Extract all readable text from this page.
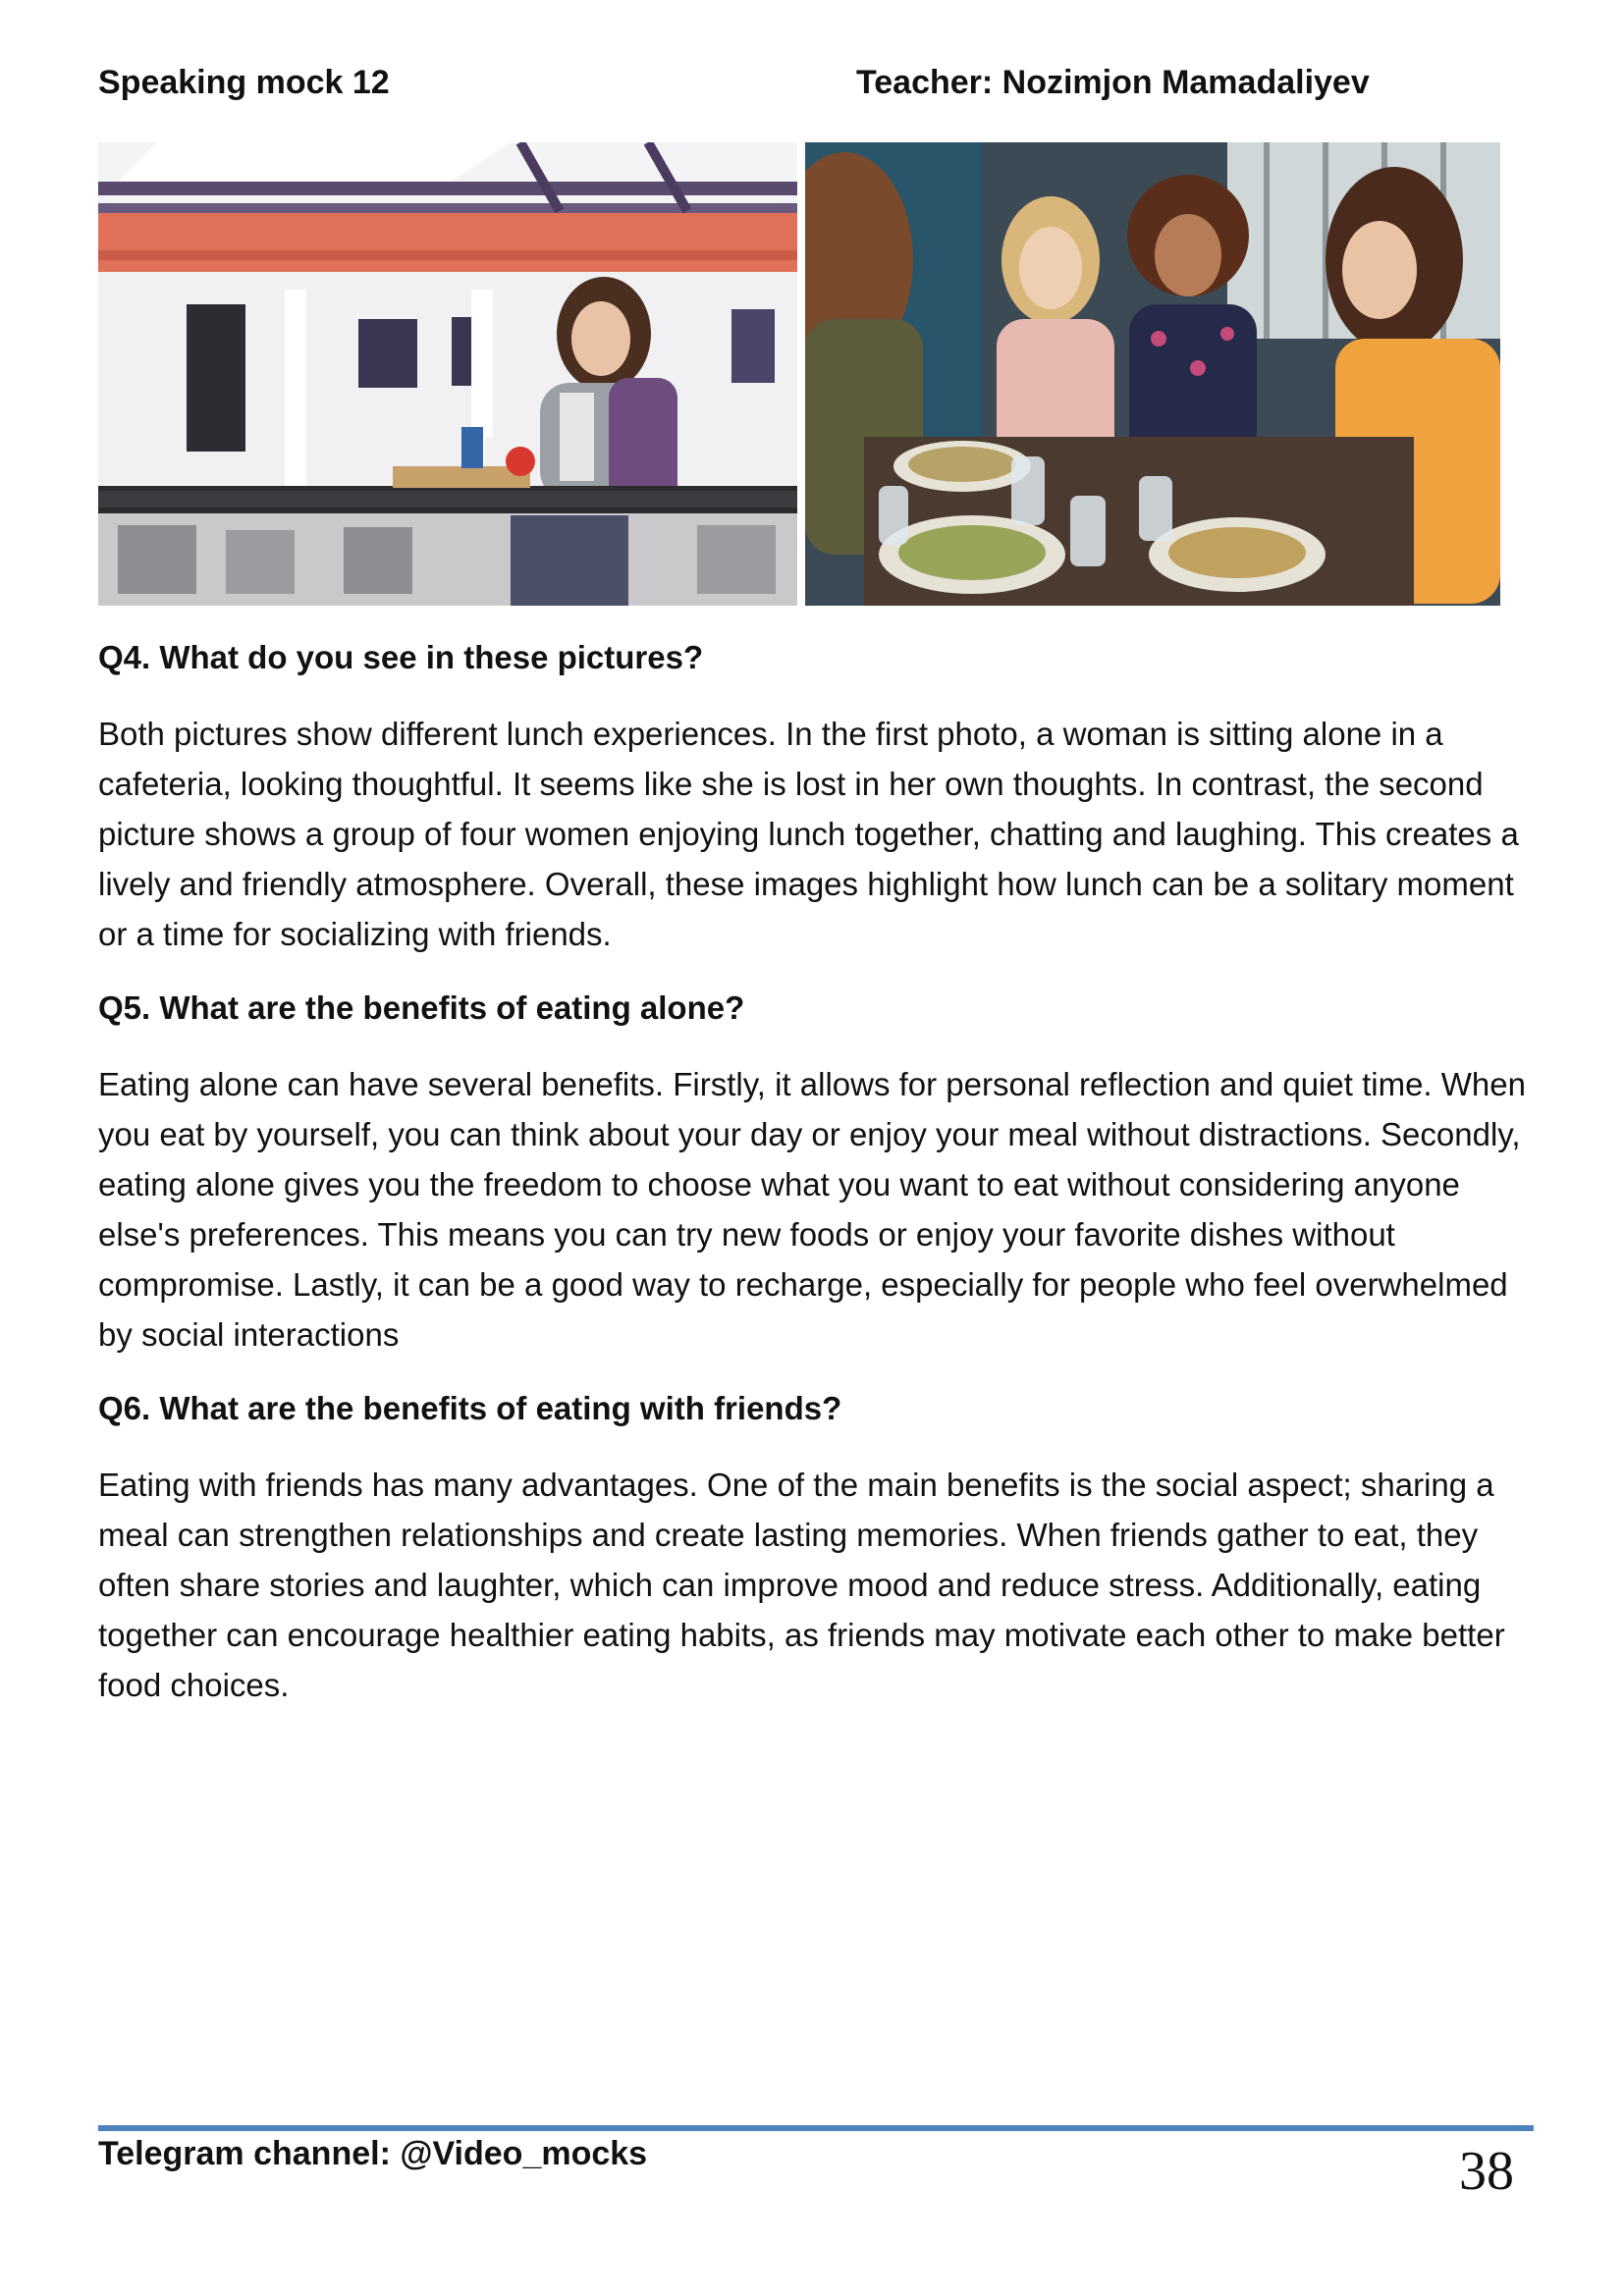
Speaking mock 12	Teacher: Nozimjon Mamadaliyev
Q4. What do you see in these pictures?

Both pictures show different lunch experiences. In the first photo, a woman is sitting alone in a cafeteria, looking thoughtful. It seems like she is lost in her own thoughts. In contrast, the second picture shows a group of four women enjoying lunch together, chatting and laughing. This creates a lively and friendly atmosphere. Overall, these images highlight how lunch can be a solitary moment or a time for socializing with friends.

Q5. What are the benefits of eating alone?

Eating alone can have several benefits. Firstly, it allows for personal reflection and quiet time. When you eat by yourself, you can think about your day or enjoy your meal without distractions. Secondly, eating alone gives you the freedom to choose what you want to eat without considering anyone else's preferences. This means you can try new foods or enjoy your favorite dishes without compromise. Lastly, it can be a good way to recharge, especially for people who feel overwhelmed by social interactions

Q6. What are the benefits of eating with friends?

Eating with friends has many advantages. One of the main benefits is the social aspect; sharing a meal can strengthen relationships and create lasting memories. When friends gather to eat, they often share stories and laughter, which can improve mood and reduce stress. Additionally, eating together can encourage healthier eating habits, as friends may motivate each other to make better food choices.

Telegram channel: @Video_mocks	38
